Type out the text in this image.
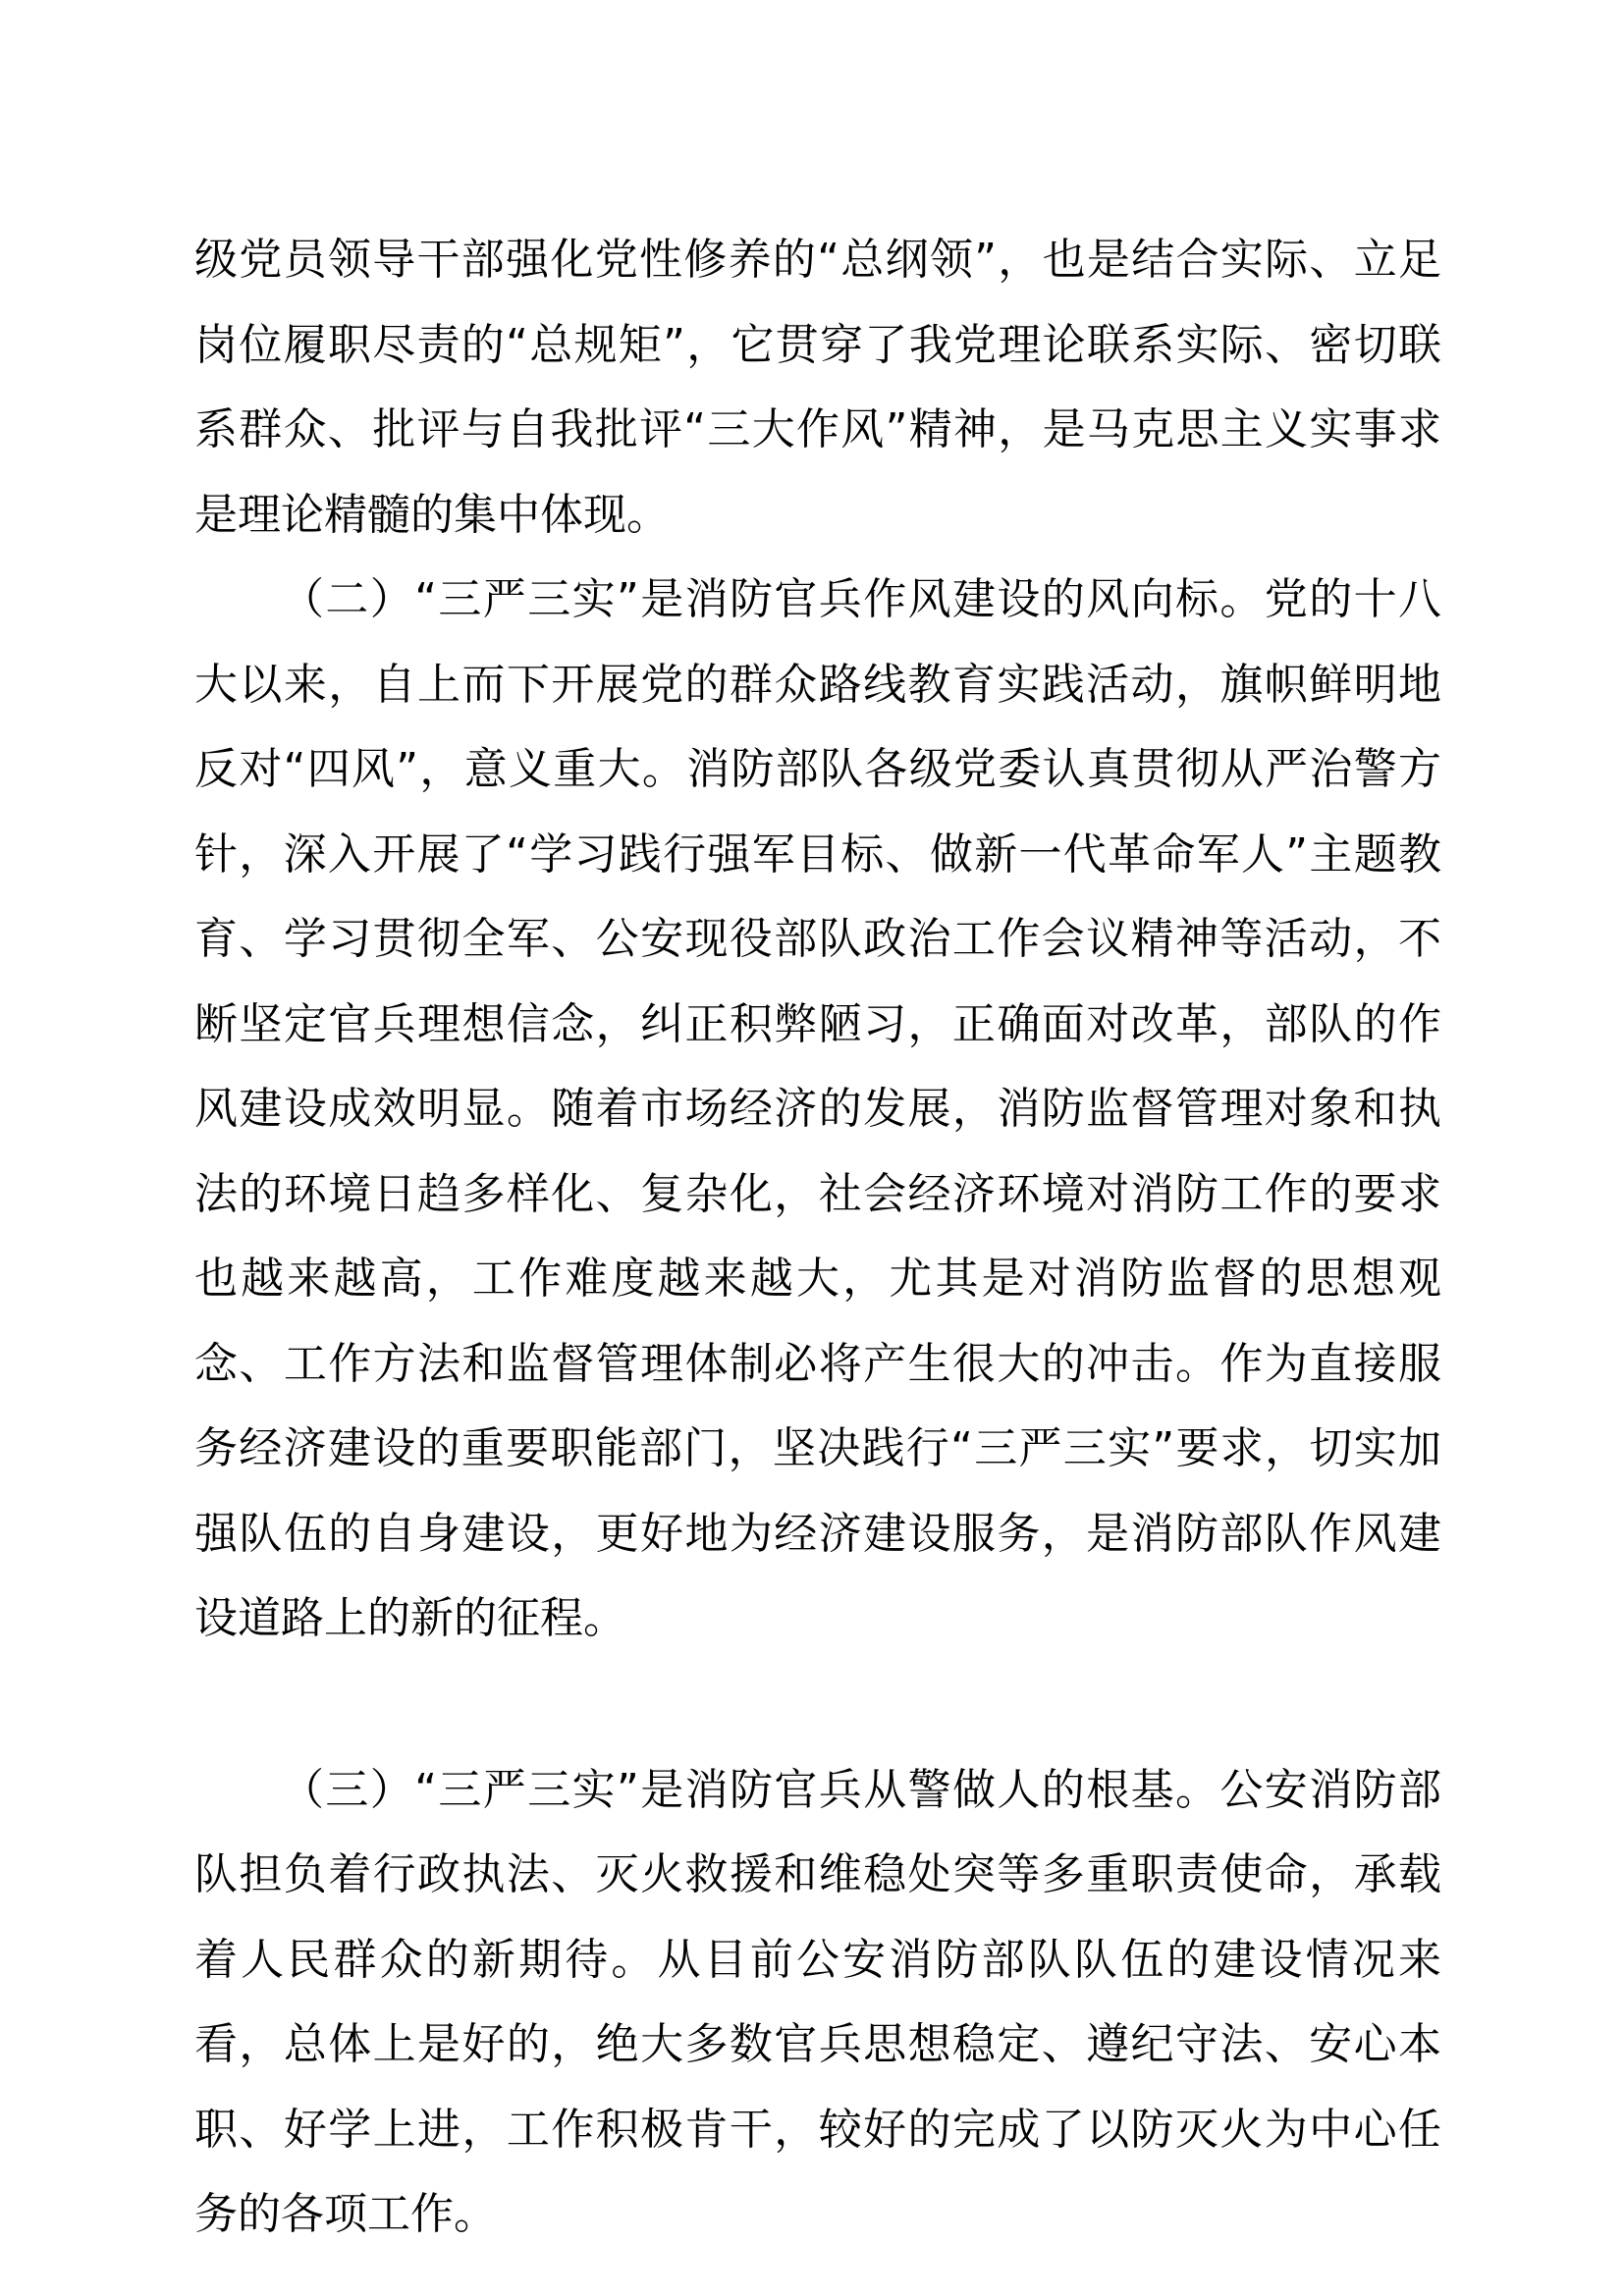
级党员领导干部强化党性修养的“总纲领”，也是结合实际、立足岗位履职尽责的“总规矩”，它贯穿了我党理论联系实际、密切联系群众、批评与自我批评“三大作风”精神，是马克思主义实事求是理论精髓的集中体现。

（二）“三严三实”是消防官兵作风建设的风向标。党的十八大以来，自上而下开展党的群众路线教育实践活动，旗帜鲜明地反对“四风”，意义重大。消防部队各级党委认真贯彻从严治警方针，深入开展了“学习践行强军目标、做新一代革命军人”主题教育、学习贯彻全军、公安现役部队政治工作会议精神等活动，不断坚定官兵理想信念，纠正积弊陋习，正确面对改革，部队的作风建设成效明显。随着市场经济的发展，消防监督管理对象和执法的环境日趋多样化、复杂化，社会经济环境对消防工作的要求也越来越高，工作难度越来越大，尤其是对消防监督的思想观念、工作方法和监督管理体制必将产生很大的冲击。作为直接服务经济建设的重要职能部门，坚决践行“三严三实”要求，切实加强队伍的自身建设，更好地为经济建设服务，是消防部队作风建设道路上的新的征程。

（三）“三严三实”是消防官兵从警做人的根基。公安消防部队担负着行政执法、灭火救援和维稳处突等多重职责使命，承载着人民群众的新期待。从目前公安消防部队队伍的建设情况来看，总体上是好的，绝大多数官兵思想稳定、遵纪守法、安心本职、好学上进，工作积极肯干，较好的完成了以防灭火为中心任务的各项工作。
